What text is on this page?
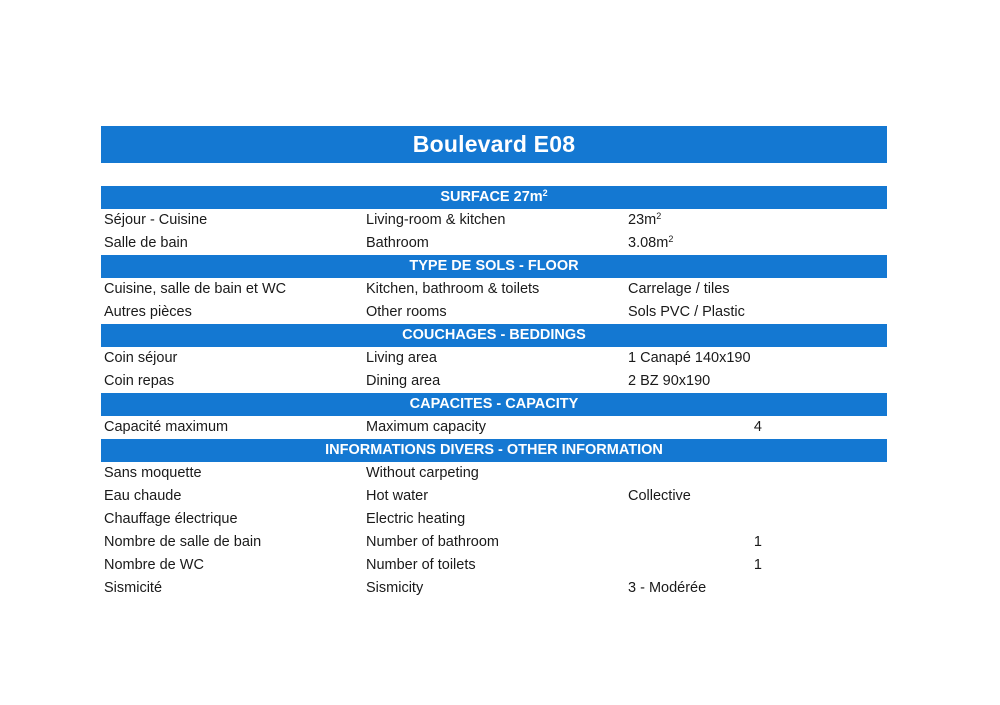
Boulevard E08
SURFACE $27m^2$
Séjour - Cuisine	Living-room & kitchen	$23m^2$
Salle de bain	Bathroom	$3.08m^2$
TYPE DE SOLS - FLOOR
Cuisine, salle de bain et WC	Kitchen, bathroom & toilets	Carrelage / tiles
Autres pièces	Other rooms	Sols PVC / Plastic
COUCHAGES - BEDDINGS
Coin séjour	Living area	1 Canapé 140x190
Coin repas	Dining area	2 BZ 90x190
CAPACITES - CAPACITY
Capacité maximum	Maximum capacity	4
INFORMATIONS DIVERS - OTHER INFORMATION
Sans moquette	Without carpeting
Eau chaude	Hot water	Collective
Chauffage électrique	Electric heating
Nombre de salle de bain	Number of bathroom	1
Nombre de WC	Number of toilets	1
Sismicité	Sismicity	3 - Modérée
